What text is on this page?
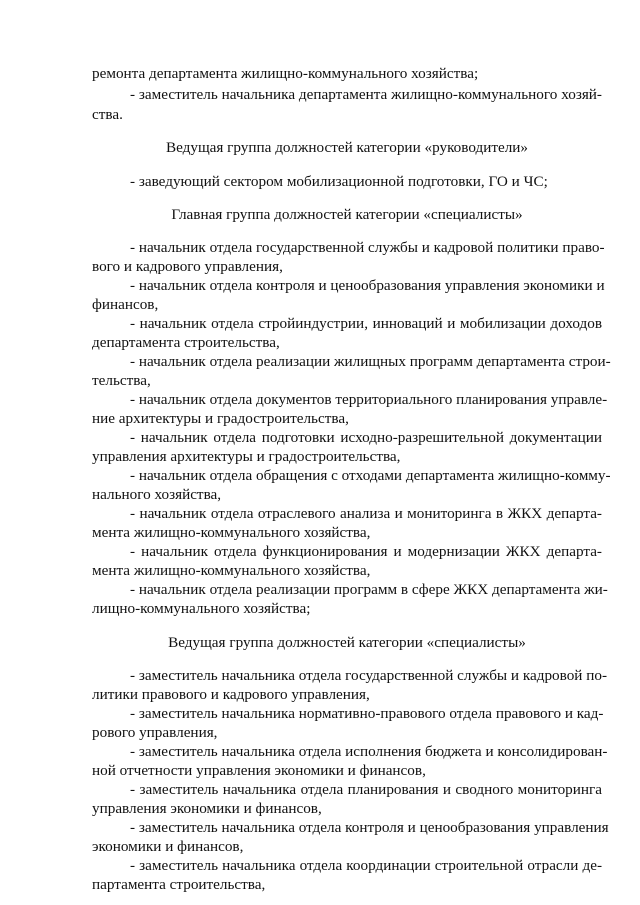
ремонта департамента жилищно-коммунального хозяйства;
- заместитель начальника департамента жилищно-коммунального хозяй-
ства.
Ведущая группа должностей категории «руководители»
- заведующий сектором мобилизационной подготовки, ГО и ЧС;
Главная группа должностей категории «специалисты»
- начальник отдела государственной службы и кадровой политики право-
вого и кадрового управления,
- начальник отдела контроля и ценообразования управления экономики и
финансов,
- начальник отдела стройиндустрии, инноваций и мобилизации доходов
департамента строительства,
- начальник отдела реализации жилищных программ департамента строи-
тельства,
- начальник отдела документов территориального планирования управле-
ние архитектуры и градостроительства,
- начальник отдела подготовки исходно-разрешительной документации
управления архитектуры и градостроительства,
- начальник отдела обращения с отходами департамента жилищно-комму-
нального хозяйства,
- начальник отдела отраслевого анализа и мониторинга в ЖКХ департа-
мента жилищно-коммунального хозяйства,
- начальник отдела функционирования и модернизации ЖКХ департа-
мента жилищно-коммунального хозяйства,
- начальник отдела реализации программ в сфере ЖКХ департамента жи-
лищно-коммунального хозяйства;
Ведущая группа должностей категории «специалисты»
- заместитель начальника отдела государственной службы и кадровой по-
литики правового и кадрового управления,
- заместитель начальника нормативно-правового отдела правового и кад-
рового управления,
- заместитель начальника отдела исполнения бюджета и консолидирован-
ной отчетности управления экономики и финансов,
- заместитель начальника отдела планирования и сводного мониторинга
управления экономики и финансов,
- заместитель начальника отдела контроля и ценообразования управления
экономики и финансов,
- заместитель начальника отдела координации строительной отрасли де-
партамента строительства,
